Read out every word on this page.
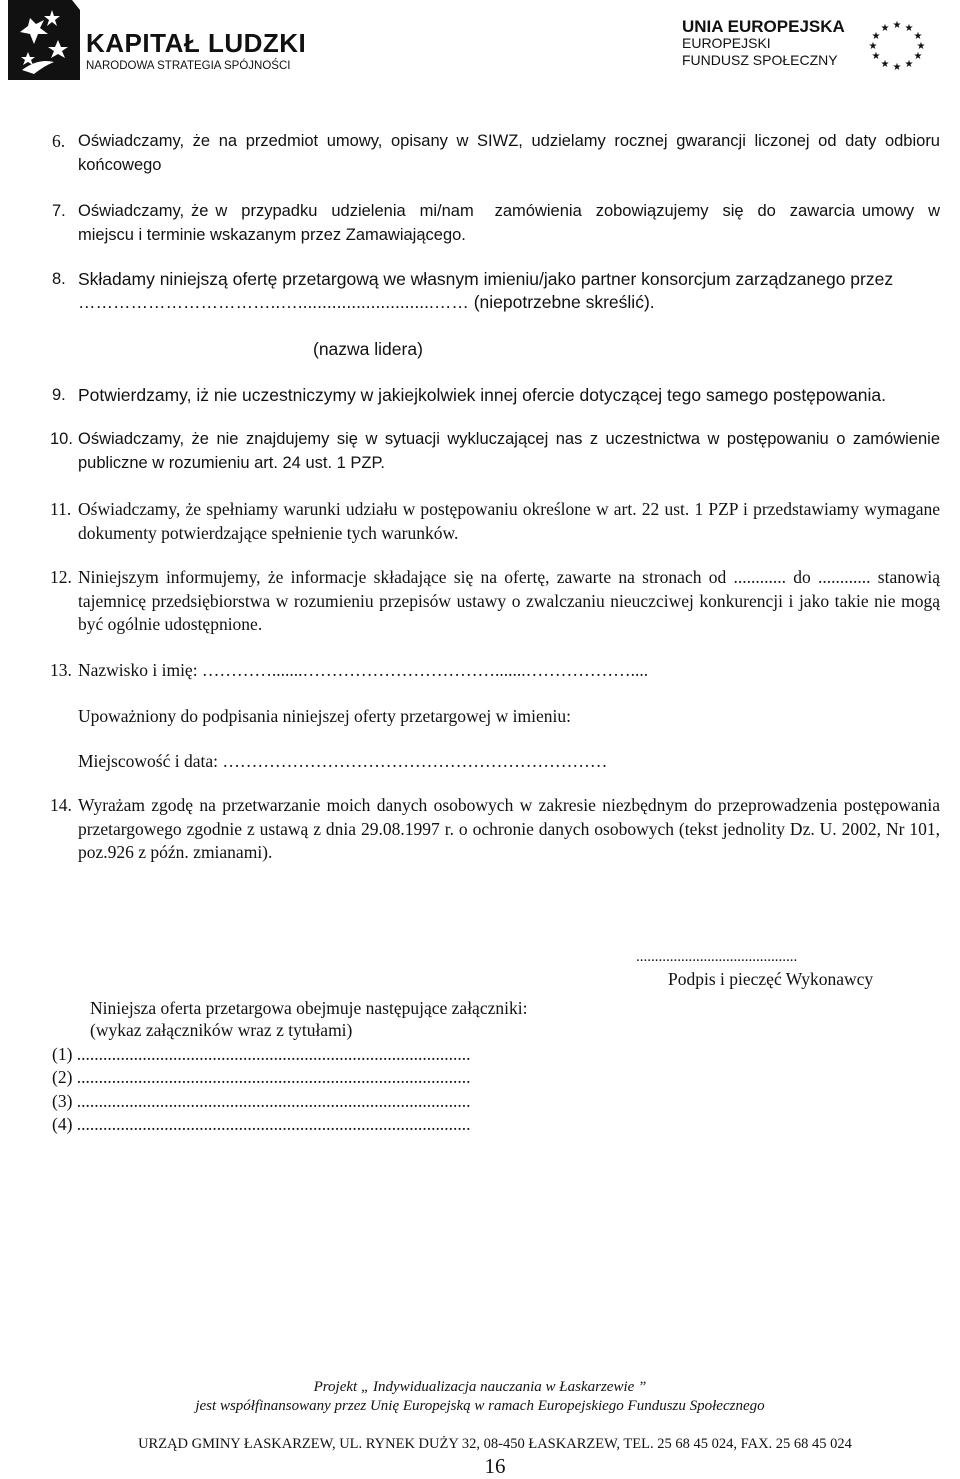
KAPITAŁ LUDZKI
NARODOWA STRATEGIA SPÓJNOŚCI
UNIA EUROPEJSKA
EUROPEJSKI
FUNDUSZ SPOŁECZNY
★ ★
★
★
★
★
★
★
★
★
★
★
6. Oświadczamy, że na przedmiot umowy, opisany w SIWZ, udzielamy rocznej gwarancji liczonej od daty odbioru końcowego
7. Oświadczamy, że w  przypadku  udzielenia  mi/nam   zamówienia  zobowiązujemy  się  do  zawarcia umowy  w  miejscu i terminie wskazanym przez Zamawiającego.
8. Składamy niniejszą ofertę przetargową we własnym imieniu/jako partner konsorcjum zarządzanego przez
……………………………..…............................…… (niepotrzebne skreślić).
(nazwa lidera)
9. Potwierdzamy, iż nie uczestniczymy w jakiejkolwiek innej ofercie dotyczącej tego samego postępowania.
10. Oświadczamy, że nie znajdujemy się w sytuacji wykluczającej nas z uczestnictwa w postępowaniu o zamówienie publiczne w rozumieniu art. 24 ust. 1 PZP.
11. Oświadczamy, że spełniamy warunki udziału w postępowaniu określone w art. 22 ust. 1 PZP i przedstawiamy wymagane dokumenty potwierdzające spełnienie tych warunków.
12. Niniejszym informujemy, że informacje składające się na ofertę, zawarte na stronach od ............ do ............ stanowią tajemnicę przedsiębiorstwa w rozumieniu przepisów ustawy o zwalczaniu nieuczciwej konkurencji i jako takie nie mogą być ogólnie udostępnione.
13. Nazwisko i imię: ………….......…………………………….......………………....
Upoważniony do podpisania niniejszej oferty przetargowej w imieniu:
Miejscowość i data: …………………………………………………………
14. Wyrażam zgodę na przetwarzanie moich danych osobowych w zakresie niezbędnym do przeprowadzenia postępowania przetargowego zgodnie z ustawą z dnia 29.08.1997 r. o ochronie danych osobowych (tekst jednolity Dz. U. 2002, Nr 101, poz.926 z późn. zmianami).
...........................................
Podpis i pieczęć Wykonawcy
Niniejsza oferta przetargowa obejmuje następujące załączniki:
(wykaz załączników wraz z tytułami)
(1) ..........................................................................................
(2) ..........................................................................................
(3) ..........................................................................................
(4) ..........................................................................................
Projekt „ Indywidualizacja nauczania w Łaskarzewie ”
jest współfinansowany przez Unię Europejską w ramach Europejskiego Funduszu Społecznego
URZĄD GMINY ŁASKARZEW, UL. RYNEK DUŻY 32, 08-450 ŁASKARZEW, TEL. 25 68 45 024, FAX. 25 68 45 024
16
